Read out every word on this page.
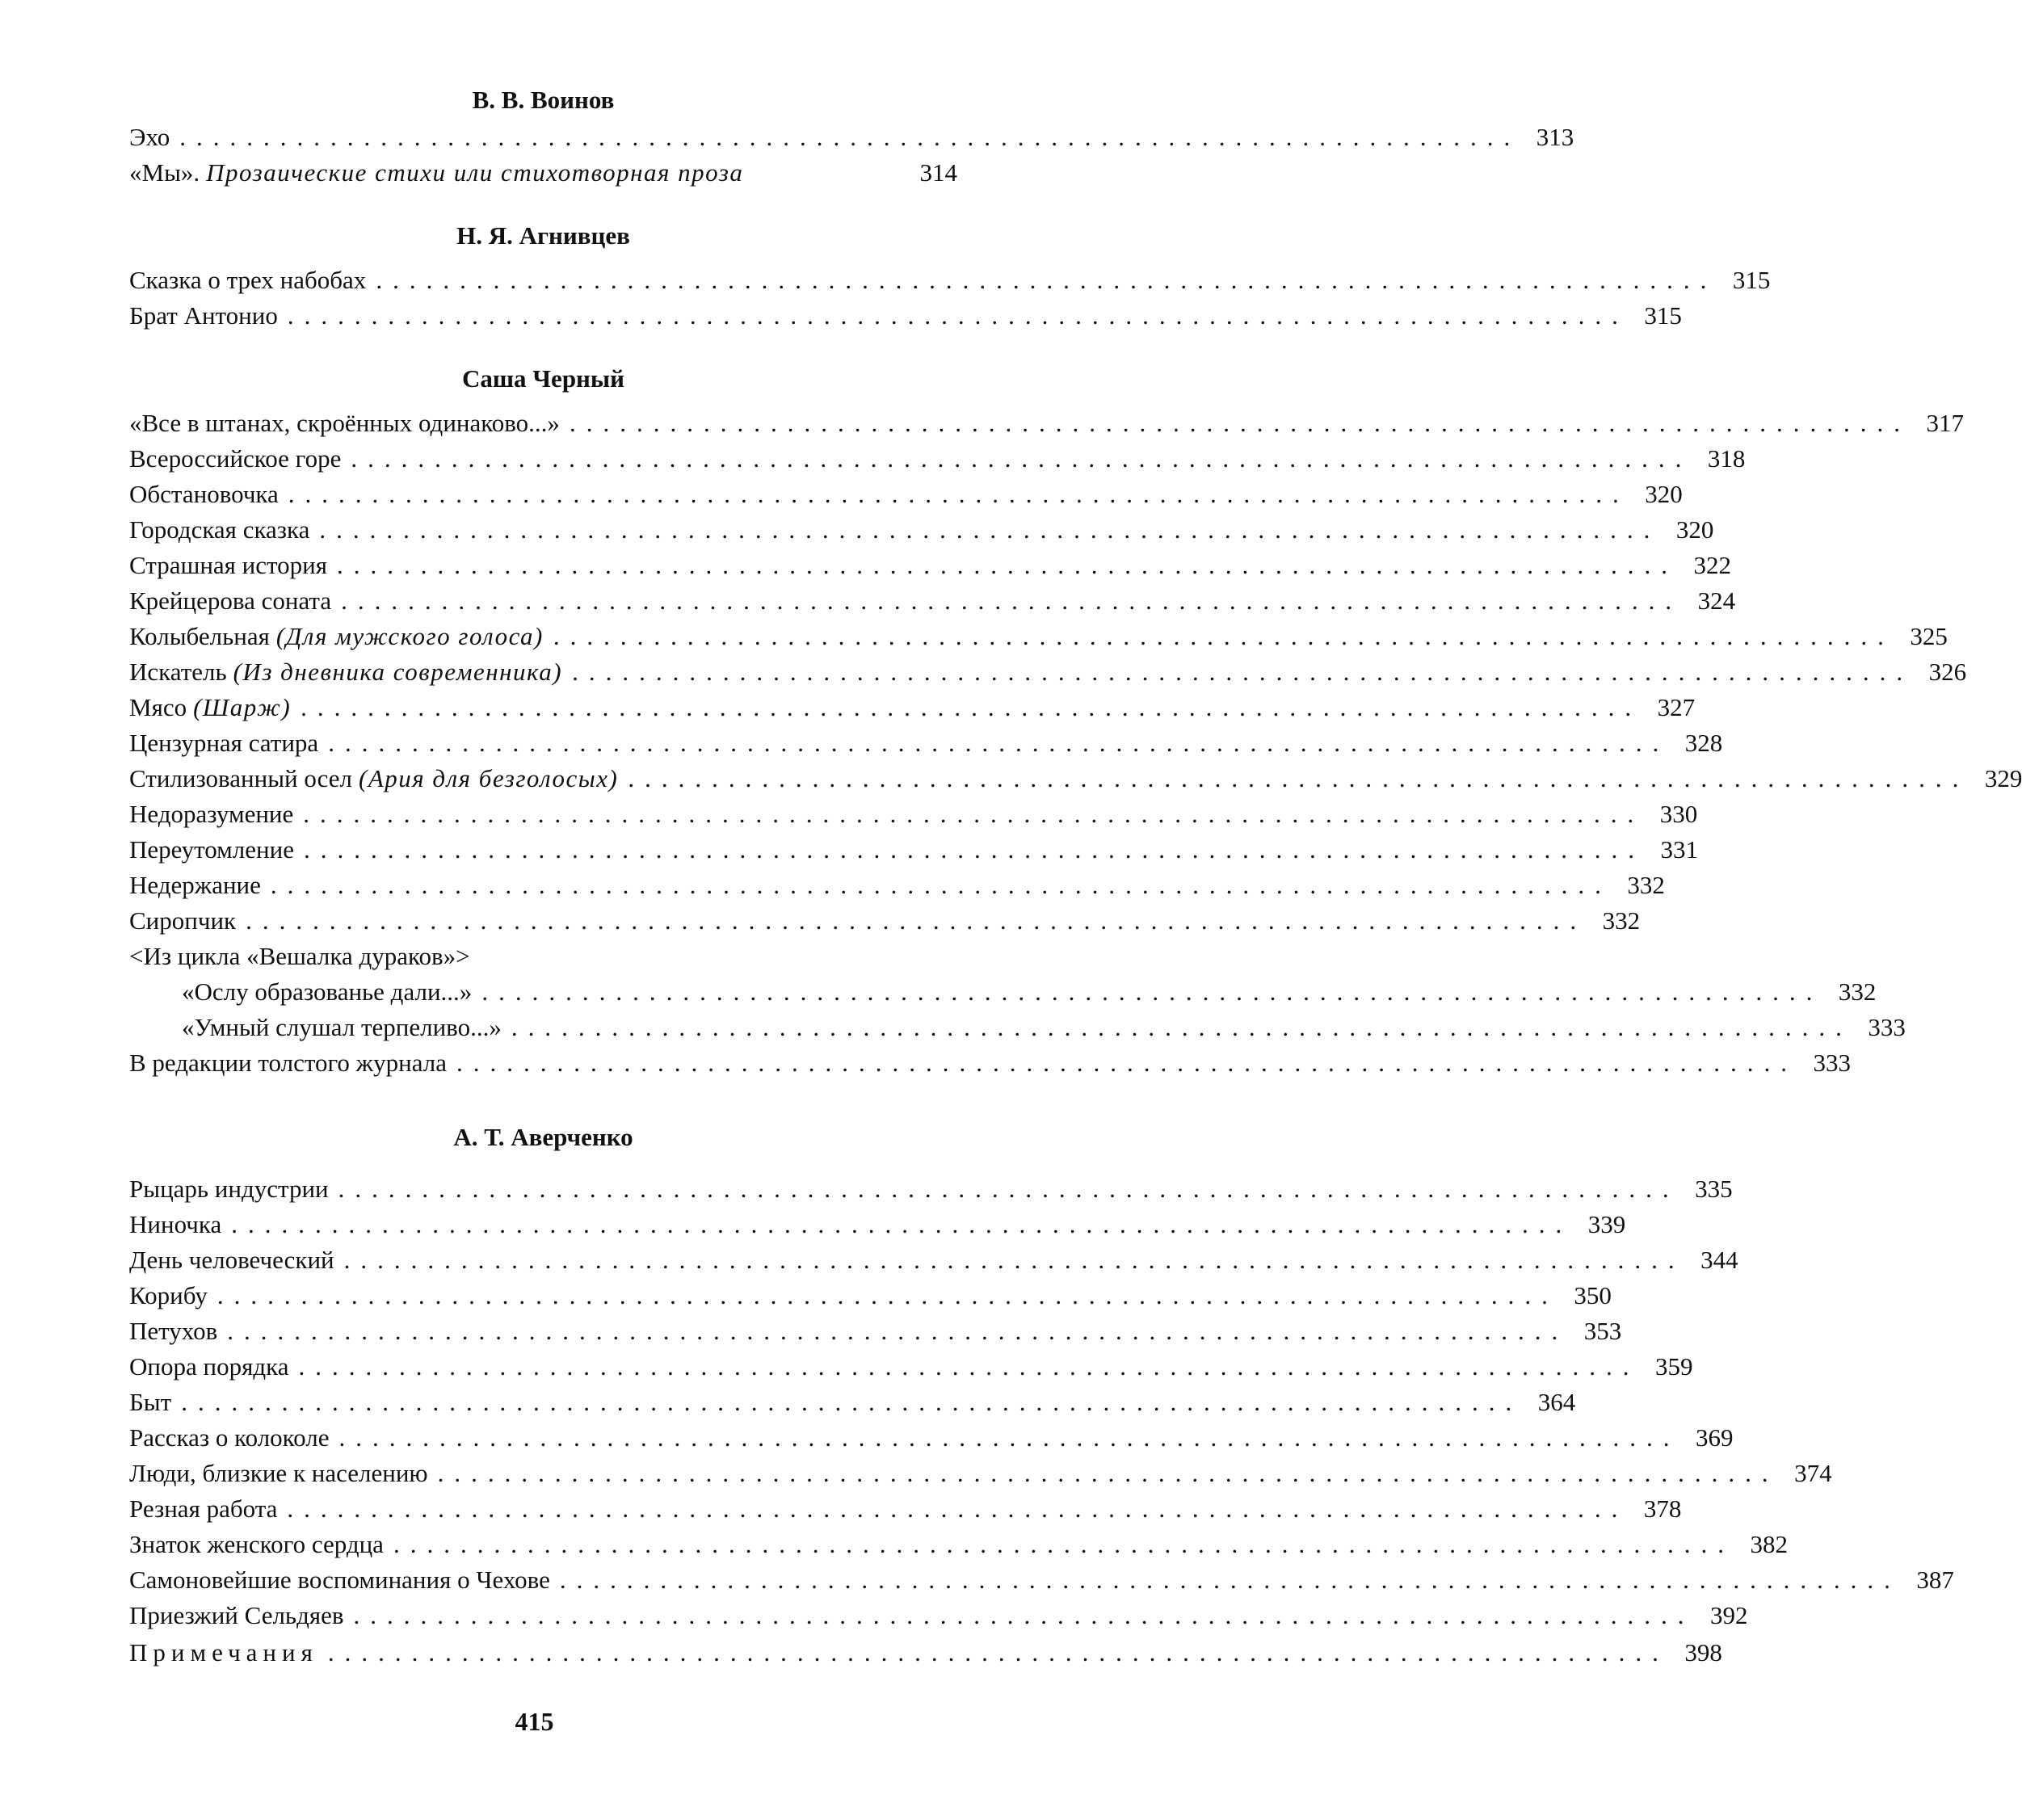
В. В. Воинов
Эхо ................................................................................ 313
«Мы». Прозаические стихи или стихотворная проза	314
Н. Я. Агнивцев
Сказка о трех набобах ................................................................................ 315
Брат Антонио ................................................................................ 315
Саша Черный
«Все в штанах, скроённых одинаково...» ................................................................................ 317
Всероссийское горе ................................................................................ 318
Обстановочка ................................................................................ 320
Городская сказка ................................................................................ 320
Страшная история ................................................................................ 322
Крейцерова соната ................................................................................ 324
Колыбельная (Для мужского голоса) ................................................................................ 325
Искатель (Из дневника современника) ................................................................................ 326
Мясо (Шарж) ................................................................................ 327
Цензурная сатира ................................................................................ 328
Стилизованный осел (Ария для безголосых) ................................................................................ 329
Недоразумение ................................................................................ 330
Переутомление ................................................................................ 331
Недержание ................................................................................ 332
Сиропчик ................................................................................ 332
<Из цикла «Вешалка дураков»>
«Ослу образованье дали...» ................................................................................ 332
«Умный слушал терпеливо...» ................................................................................ 333
В редакции толстого журнала ................................................................................ 333
А. Т. Аверченко
Рыцарь индустрии ................................................................................ 335
Ниночка ................................................................................ 339
День человеческий ................................................................................ 344
Корибу ................................................................................ 350
Петухов ................................................................................ 353
Опора порядка ................................................................................ 359
Быт ................................................................................ 364
Рассказ о колоколе ................................................................................ 369
Люди, близкие к населению ................................................................................ 374
Резная работа ................................................................................ 378
Знаток женского сердца ................................................................................ 382
Самоновейшие воспоминания о Чехове ................................................................................ 387
Приезжий Сельдяев ................................................................................ 392
Примечания ................................................................................ 398
415
